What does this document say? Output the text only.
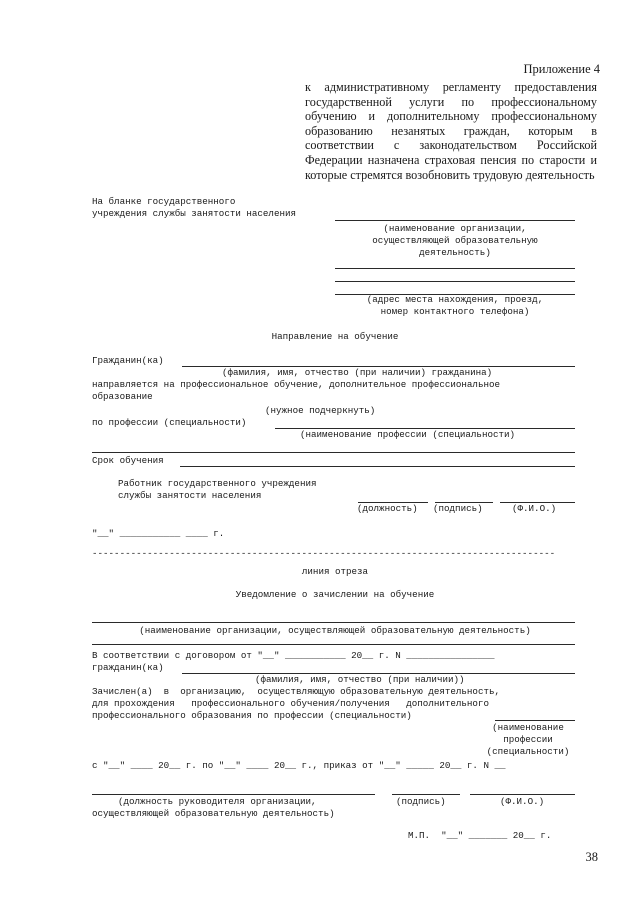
Приложение 4
к административному регламенту предоставления государственной услуги по профессиональному обучению и дополнительному профессиональному образованию незанятых граждан, которым в соответствии с законодательством Российской Федерации назначена страховая пенсия по старости и которые стремятся возобновить трудовую деятельность
На бланке государственного
учреждения службы занятости населения
(наименование организации,
осуществляющей образовательную
деятельность)
(адрес места нахождения, проезд,
номер контактного телефона)
Направление на обучение
Гражданин(ка)
(фамилия, имя, отчество (при наличии) гражданина)
направляется на профессиональное обучение, дополнительное профессиональное
образование
(нужное подчеркнуть)
по профессии (специальности)
(наименование профессии (специальности)
Срок обучения
Работник государственного учреждения
службы занятости населения
(должность) (подпись)	(Ф.И.О.)
"__" ___________ ____ г.
------------------------------------------------------------------------------------
линия отреза
Уведомление о зачислении на обучение
(наименование организации, осуществляющей образовательную деятельность)
В соответствии с договором от "__" ___________ 20__ г. N ________________
гражданин(ка)
(фамилия, имя, отчество (при наличии))
Зачислен(а)  в  организацию,  осуществляющую образовательную деятельность,
для прохождения   профессионального обучения/получения   дополнительного
профессионального образования по профессии (специальности)
(наименование
профессии
(специальности)
с "__" ____ 20__ г. по "__" ____ 20__ г., приказ от "__" _____ 20__ г. N __
(должность руководителя организации,
осуществляющей образовательную деятельность)
(подпись)	(Ф.И.О.)
М.П.  "__" _______ 20__ г.
38
